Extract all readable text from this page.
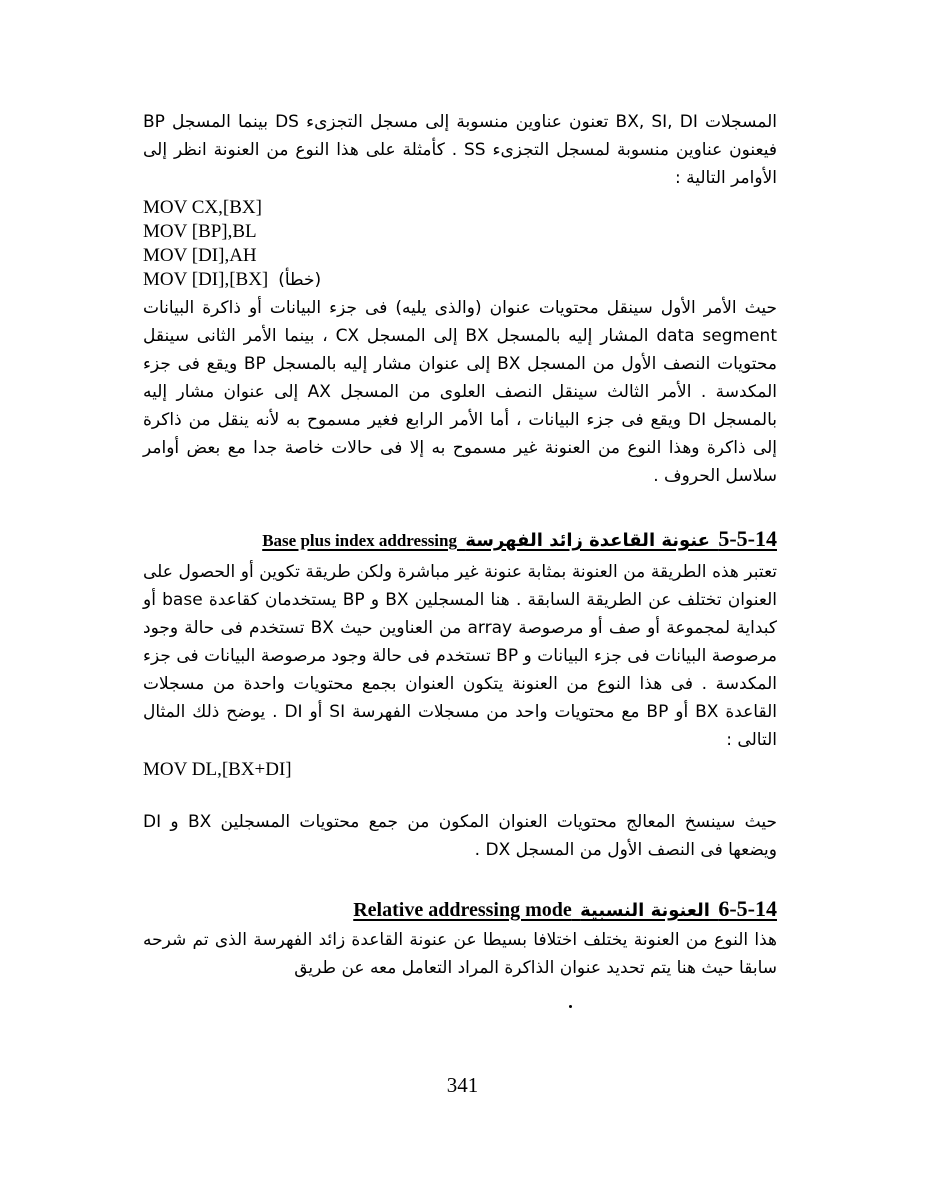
المسجلات BX, SI, DI تعنون عناوين منسوبة إلى مسجل التجزىء DS بينما المسجل BP فيعنون عناوين منسوبة لمسجل التجزىء SS . كأمثلة على هذا النوع من العنونة انظر إلى الأوامر التالية :

MOV CX,[BX]
MOV [BP],BL
MOV [DI],AH
MOV [DI],[BX] (خطأ)

حيث الأمر الأول سينقل محتويات عنوان (والذى يليه) فى جزء البيانات أو ذاكرة البيانات data segment المشار إليه بالمسجل BX إلى المسجل CX ، بينما الأمر الثانى سينقل محتويات النصف الأول من المسجل BX إلى عنوان مشار إليه بالمسجل BP ويقع فى جزء المكدسة . الأمر الثالث سينقل النصف العلوى من المسجل AX إلى عنوان مشار إليه بالمسجل DI ويقع فى جزء البيانات ، أما الأمر الرابع فغير مسموح به لأنه ينقل من ذاكرة إلى ذاكرة وهذا النوع من العنونة غير مسموح به إلا فى حالات خاصة جدا مع بعض أوامر سلاسل الحروف .

5-5-14 عنونة القاعدة زائد الفهرسة Base plus index addressing

تعتبر هذه الطريقة من العنونة بمثابة عنونة غير مباشرة ولكن طريقة تكوين أو الحصول على العنوان تختلف عن الطريقة السابقة . هنا المسجلين BX و BP يستخدمان كقاعدة base أو كبداية لمجموعة أو صف أو مرصوصة array من العناوين حيث BX تستخدم فى حالة وجود مرصوصة البيانات فى جزء البيانات و BP تستخدم فى حالة وجود مرصوصة البيانات فى جزء المكدسة . فى هذا النوع من العنونة يتكون العنوان بجمع محتويات واحدة من مسجلات القاعدة BX أو BP مع محتويات واحد من مسجلات الفهرسة SI أو DI . يوضح ذلك المثال التالى :

MOV DL,[BX+DI]

حيث سينسخ المعالج محتويات العنوان المكون من جمع محتويات المسجلين BX و DI ويضعها فى النصف الأول من المسجل DX .

6-5-14 العنونة النسبية Relative addressing mode

هذا النوع من العنونة يختلف اختلافا بسيطا عن عنونة القاعدة زائد الفهرسة الذى تم شرحه سابقا حيث هنا يتم تحديد عنوان الذاكرة المراد التعامل معه عن طريق

341
